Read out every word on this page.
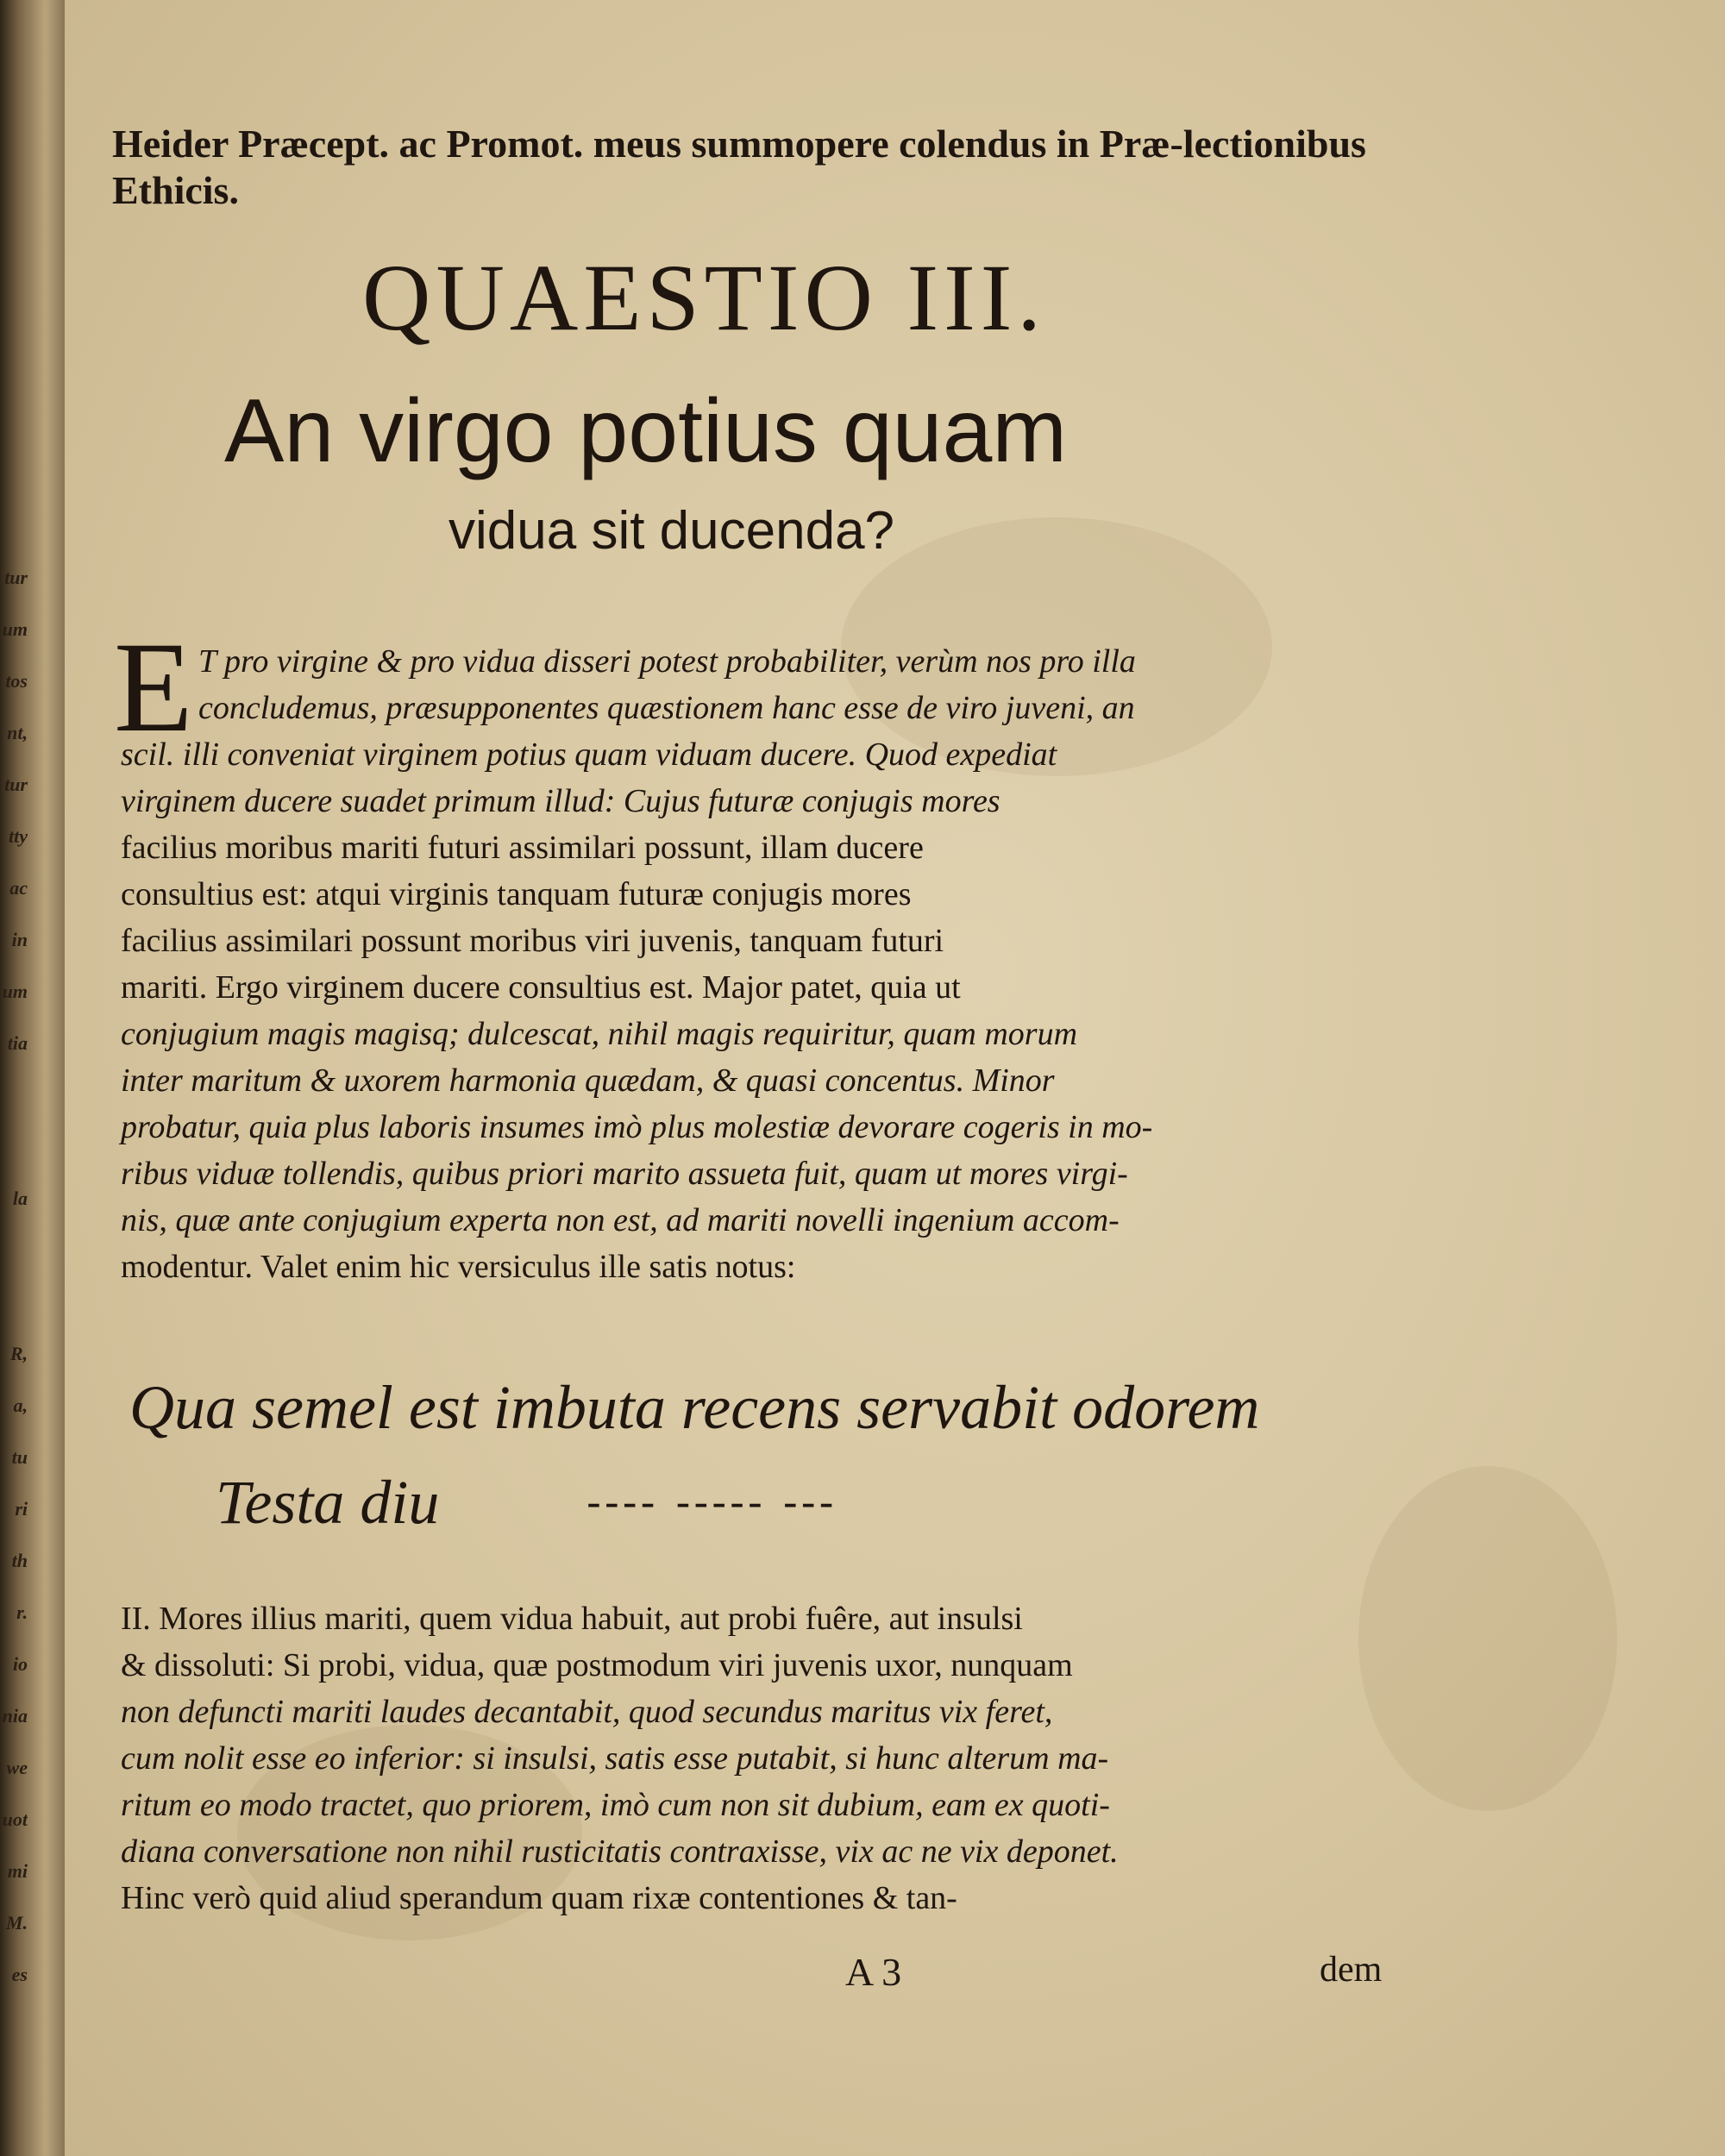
tur
um
tos
nt,
tur
tty
ac
in
um
tia
la
R,
a,
tu
ri
th
r.
io
nia
we
uot
mi
M.
es
Heider Præcept. ac Promot. meus summopere colendus in Præ-lectionibus Ethicis.
QUAESTIO III.
An virgo potius quam
vidua sit ducenda?
E T pro virgine & pro vidua disseri potest probabiliter, verùm nos pro illa
concludemus, præsupponentes quæstionem hanc esse de viro juveni, an
scil. illi conveniat virginem potius quam viduam ducere. Quod expediat
virginem ducere suadet primum illud: Cujus futuræ conjugis mores
facilius moribus mariti futuri assimilari possunt, illam ducere
consultius est: atqui virginis tanquam futuræ conjugis mores
facilius assimilari possunt moribus viri juvenis, tanquam futuri
mariti. Ergo virginem ducere consultius est. Major patet, quia ut
conjugium magis magisq; dulcescat, nihil magis requiritur, quam morum
inter maritum & uxorem harmonia quædam, & quasi concentus. Minor
probatur, quia plus laboris insumes imò plus molestiæ devorare cogeris in mo-
ribus viduæ tollendis, quibus priori marito assueta fuit, quam ut mores virgi-
nis, quæ ante conjugium experta non est, ad mariti novelli ingenium accom-
modentur. Valet enim hic versiculus ille satis notus:
Qua semel est imbuta recens servabit odorem
Testa diu	---- ----- ---
II. Mores illius mariti, quem vidua habuit, aut probi fuêre, aut insulsi
& dissoluti: Si probi, vidua, quæ postmodum viri juvenis uxor, nunquam
non defuncti mariti laudes decantabit, quod secundus maritus vix feret,
cum nolit esse eo inferior: si insulsi, satis esse putabit, si hunc alterum ma-
ritum eo modo tractet, quo priorem, imò cum non sit dubium, eam ex quoti-
diana conversatione non nihil rusticitatis contraxisse, vix ac ne vix deponet.
Hinc verò quid aliud sperandum quam rixæ contentiones & tan-
A 3	dem
